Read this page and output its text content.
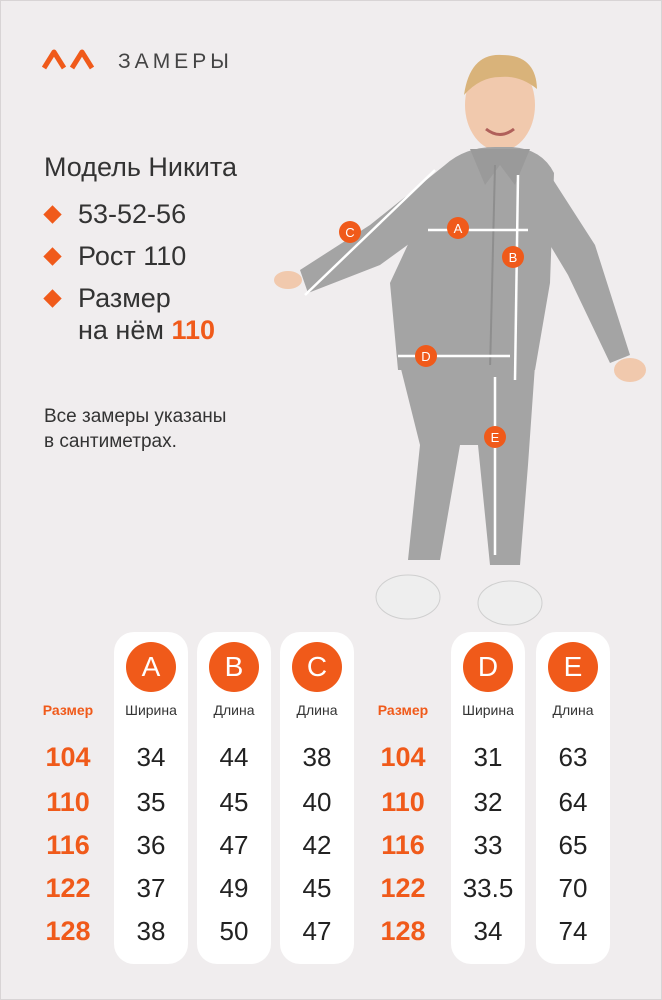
ЗАМЕРЫ
Модель Никита
53-52-56
Рост 110
Размер
на нём 110
Все замеры указаны
в сантиметрах.
A
B
C
D
E
Размер
104
110
116
122
128
A
Ширина
34
35
36
37
38
B
Длина
44
45
47
49
50
C
Длина
38
40
42
45
47
Размер
104
110
116
122
128
D
Ширина
31
32
33
33.5
34
E
Длина
63
64
65
70
74
